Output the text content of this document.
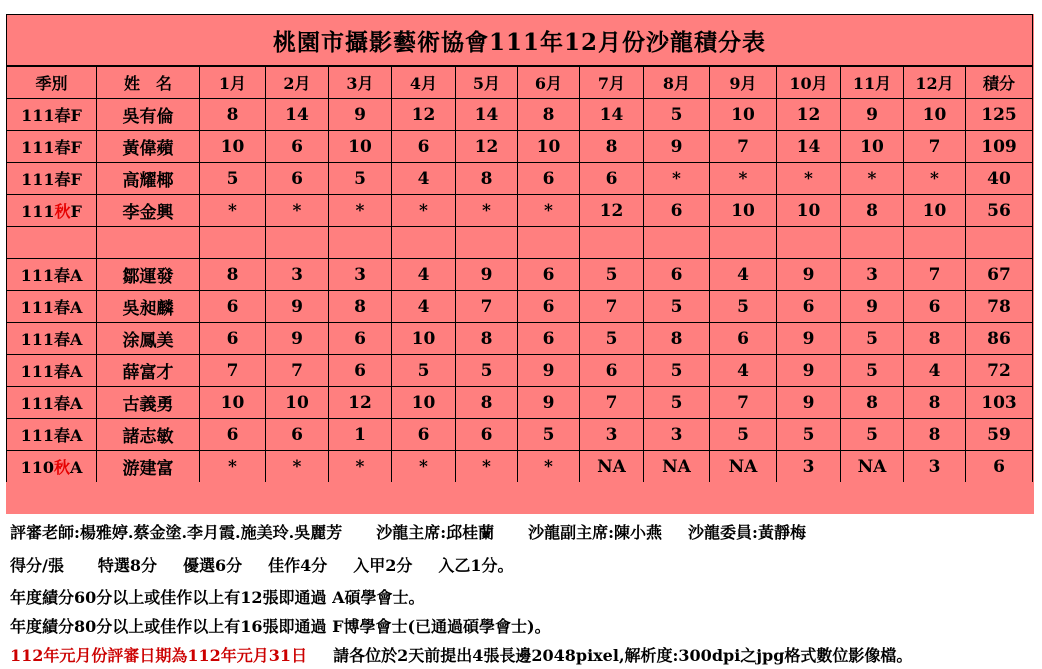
桃園市攝影藝術協會111年12月份沙龍積分表
季別	姓　名	1月	2月	3月	4月	5月	6月	7月	8月	9月	10月	11月	12月	積分
111春F	吳有倫	8	14	9	12	14	8	14	5	10	12	9	10	125
111春F	黃偉蘋	10	6	10	6	12	10	8	9	7	14	10	7	109
111春F	高耀椰	5	6	5	4	8	6	6	*	*	*	*	*	40
111秋F	李金興	*	*	*	*	*	*	12	6	10	10	8	10	56

111春A	鄒運發	8	3	3	4	9	6	5	6	4	9	3	7	67
111春A	吳昶麟	6	9	8	4	7	6	7	5	5	6	9	6	78
111春A	涂鳳美	6	9	6	10	8	6	5	8	6	9	5	8	86
111春A	薛富才	7	7	6	5	5	9	6	5	4	9	5	4	72
111春A	古義勇	10	10	12	10	8	9	7	5	7	9	8	8	103
111春A	諸志敏	6	6	1	6	6	5	3	3	5	5	5	8	59
110秋A	游建富	*	*	*	*	*	*	NA	NA	NA	3	NA	3	6
評審老師:楊雅婷.蔡金塗.李月霞.施美玲.吳麗芳 沙龍主席:邱桂蘭 沙龍副主席:陳小燕 沙龍委員:黃靜梅
得分/張 特選8分 優選6分 佳作4分 入甲2分 入乙1分。
年度績分60分以上或佳作以上有12張即通過 A碩學會士。
年度績分80分以上或佳作以上有16張即通過 F博學會士(已通過碩學會士)。
112年元月份評審日期為112年元月31日 請各位於2天前提出4張長邊2048pixel,解析度:300dpi之jpg格式數位影像檔。
